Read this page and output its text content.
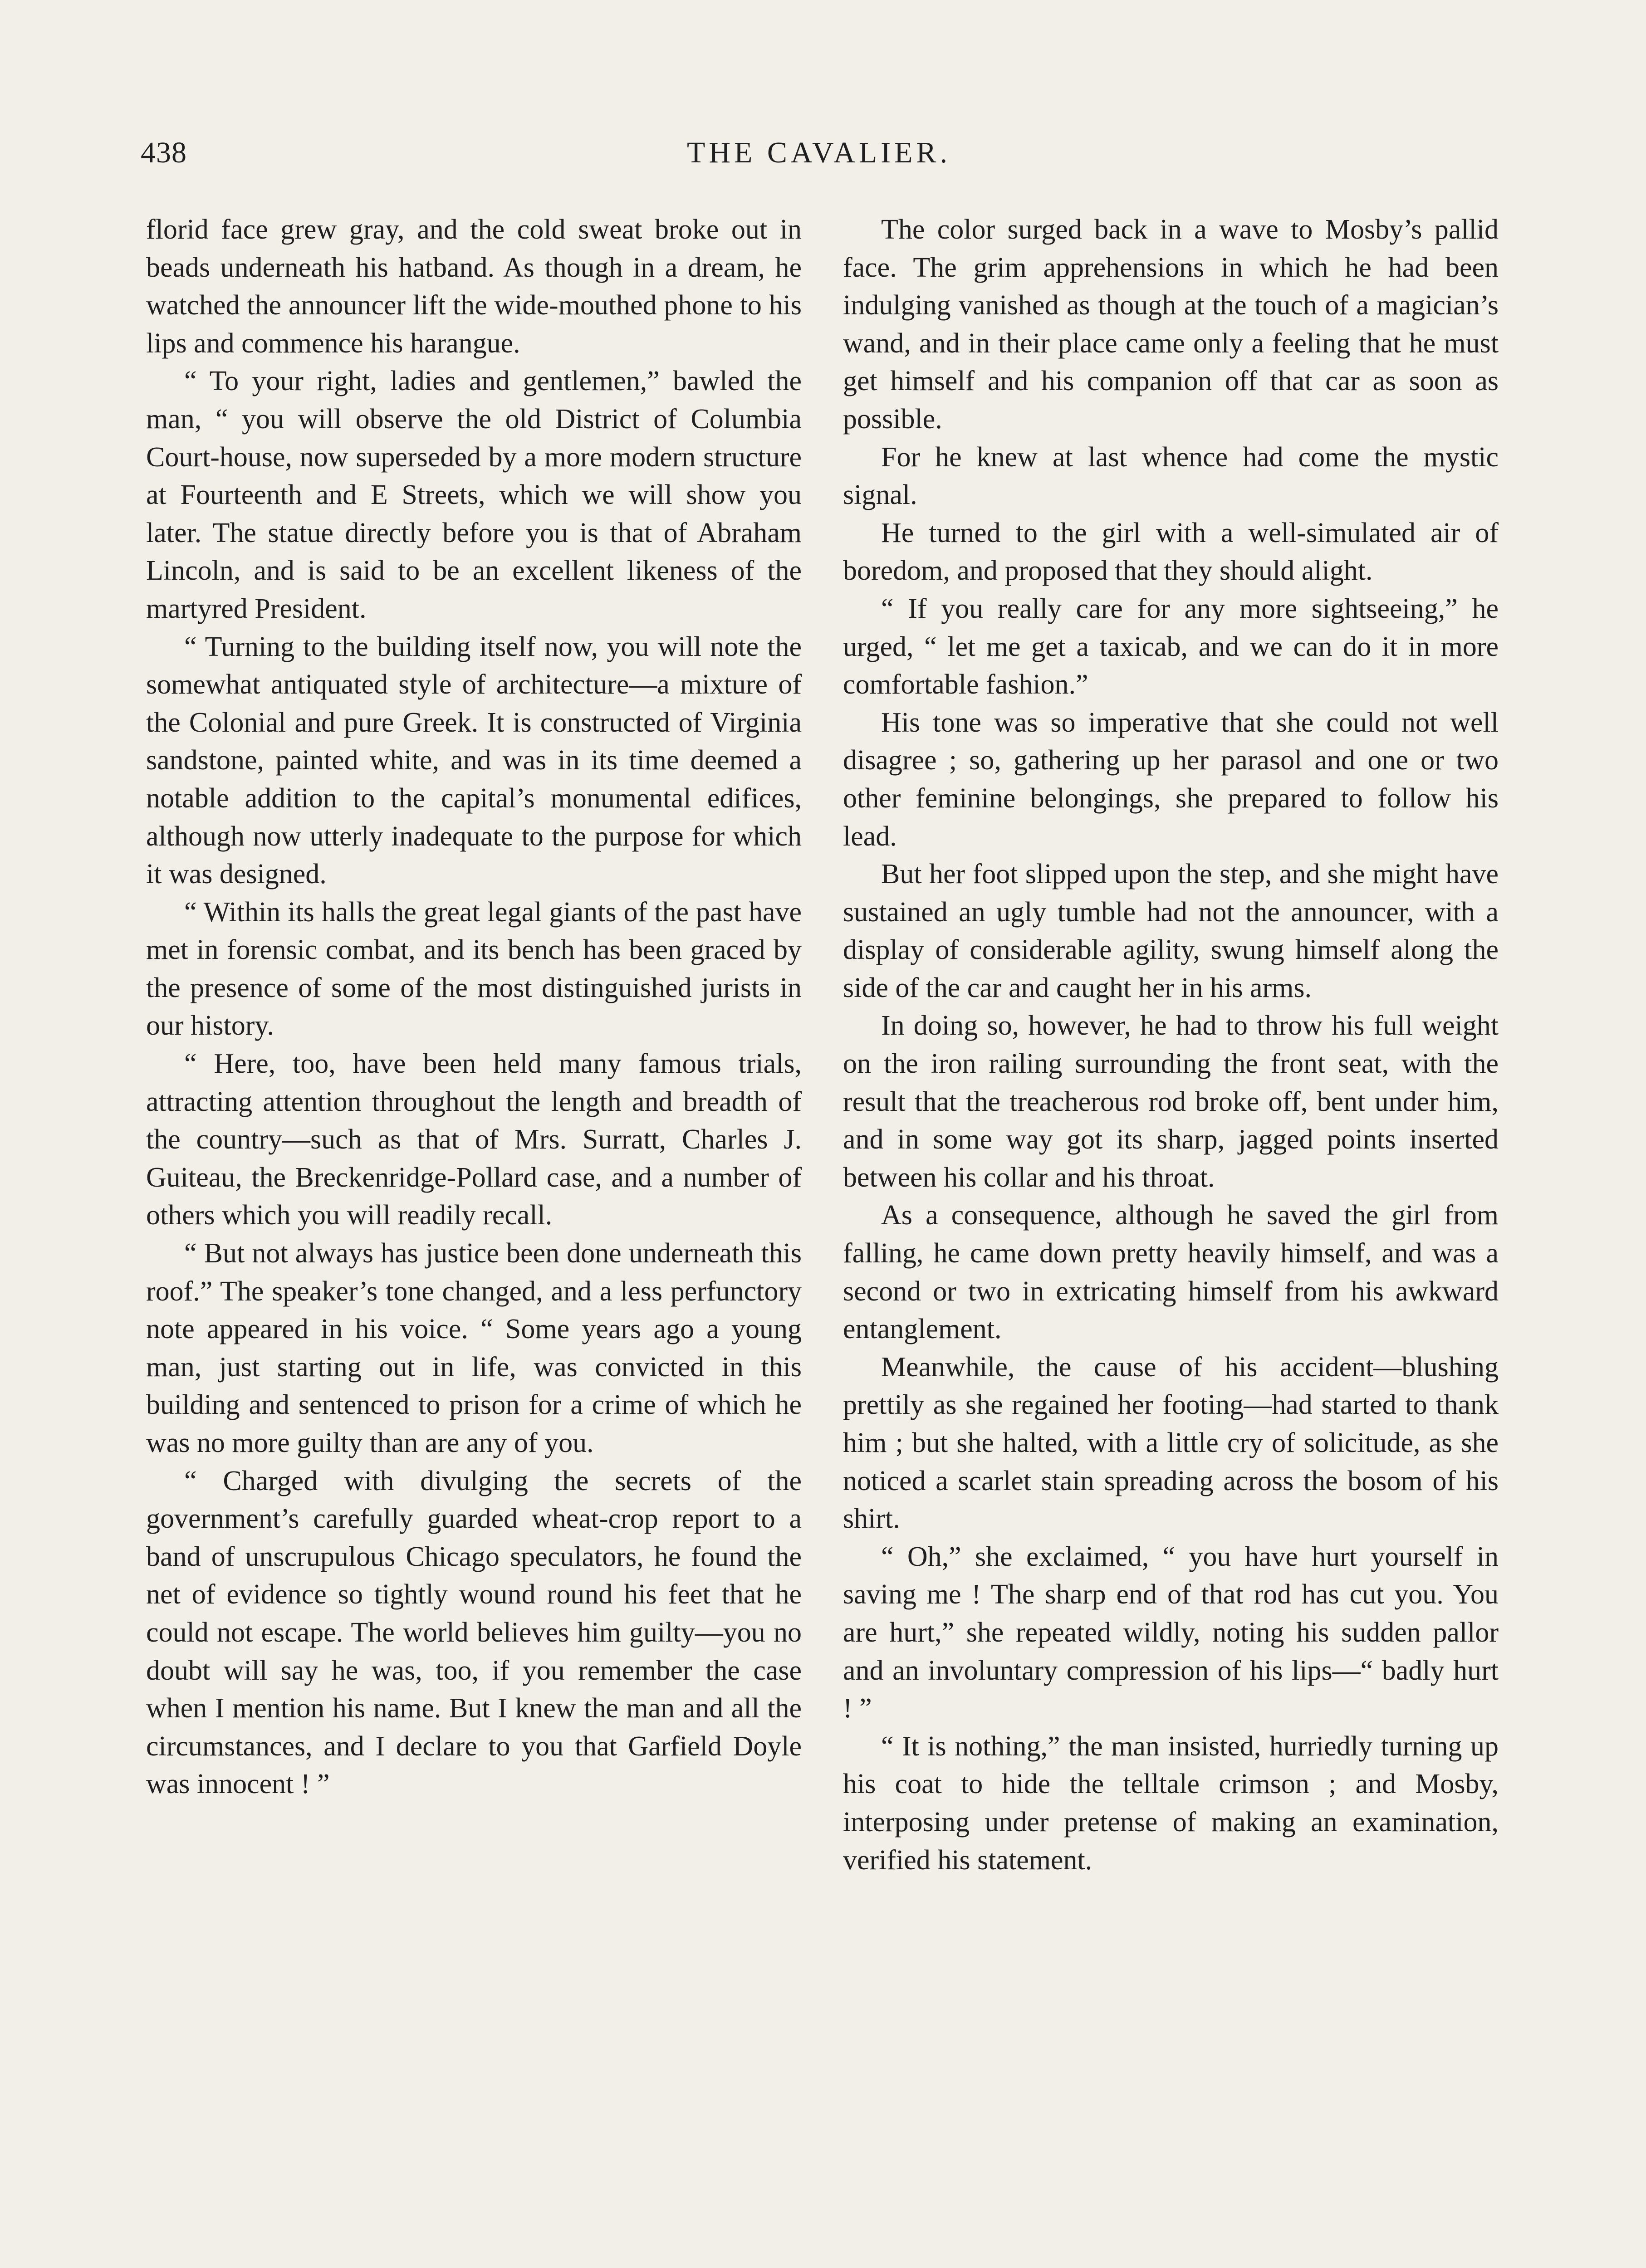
438	THE CAVALIER.

florid face grew gray, and the cold sweat broke out in beads underneath his hatband. As though in a dream, he watched the announcer lift the wide-mouthed phone to his lips and commence his harangue.

“ To your right, ladies and gentlemen,” bawled the man, “ you will observe the old District of Columbia Court-house, now superseded by a more modern structure at Fourteenth and E Streets, which we will show you later. The statue directly before you is that of Abraham Lincoln, and is said to be an excellent likeness of the martyred President.

“ Turning to the building itself now, you will note the somewhat antiquated style of architecture—a mixture of the Colonial and pure Greek. It is constructed of Virginia sandstone, painted white, and was in its time deemed a notable addition to the capital’s monumental edifices, although now utterly inadequate to the purpose for which it was designed.

“ Within its halls the great legal giants of the past have met in forensic combat, and its bench has been graced by the presence of some of the most distinguished jurists in our history.

“ Here, too, have been held many famous trials, attracting attention throughout the length and breadth of the country—such as that of Mrs. Surratt, Charles J. Guiteau, the Breckenridge-Pollard case, and a number of others which you will readily recall.

“ But not always has justice been done underneath this roof.” The speaker’s tone changed, and a less perfunctory note appeared in his voice. “ Some years ago a young man, just starting out in life, was convicted in this building and sentenced to prison for a crime of which he was no more guilty than are any of you.

“ Charged with divulging the secrets of the government’s carefully guarded wheat-crop report to a band of unscrupulous Chicago speculators, he found the net of evidence so tightly wound round his feet that he could not escape. The world believes him guilty—you no doubt will say he was, too, if you remember the case when I mention his name. But I knew the man and all the circumstances, and I declare to you that Garfield Doyle was innocent ! ”

The color surged back in a wave to Mosby’s pallid face. The grim apprehensions in which he had been indulging vanished as though at the touch of a magician’s wand, and in their place came only a feeling that he must get himself and his companion off that car as soon as possible.

For he knew at last whence had come the mystic signal.

He turned to the girl with a well-simulated air of boredom, and proposed that they should alight.

“ If you really care for any more sightseeing,” he urged, “ let me get a taxicab, and we can do it in more comfortable fashion.”

His tone was so imperative that she could not well disagree ; so, gathering up her parasol and one or two other feminine belongings, she prepared to follow his lead.

But her foot slipped upon the step, and she might have sustained an ugly tumble had not the announcer, with a display of considerable agility, swung himself along the side of the car and caught her in his arms.

In doing so, however, he had to throw his full weight on the iron railing surrounding the front seat, with the result that the treacherous rod broke off, bent under him, and in some way got its sharp, jagged points inserted between his collar and his throat.

As a consequence, although he saved the girl from falling, he came down pretty heavily himself, and was a second or two in extricating himself from his awkward entanglement.

Meanwhile, the cause of his accident—blushing prettily as she regained her footing—had started to thank him ; but she halted, with a little cry of solicitude, as she noticed a scarlet stain spreading across the bosom of his shirt.

“ Oh,” she exclaimed, “ you have hurt yourself in saving me ! The sharp end of that rod has cut you. You are hurt,” she repeated wildly, noting his sudden pallor and an involuntary compression of his lips—“ badly hurt ! ”

“ It is nothing,” the man insisted, hurriedly turning up his coat to hide the telltale crimson ; and Mosby, interposing under pretense of making an examination, verified his statement.
